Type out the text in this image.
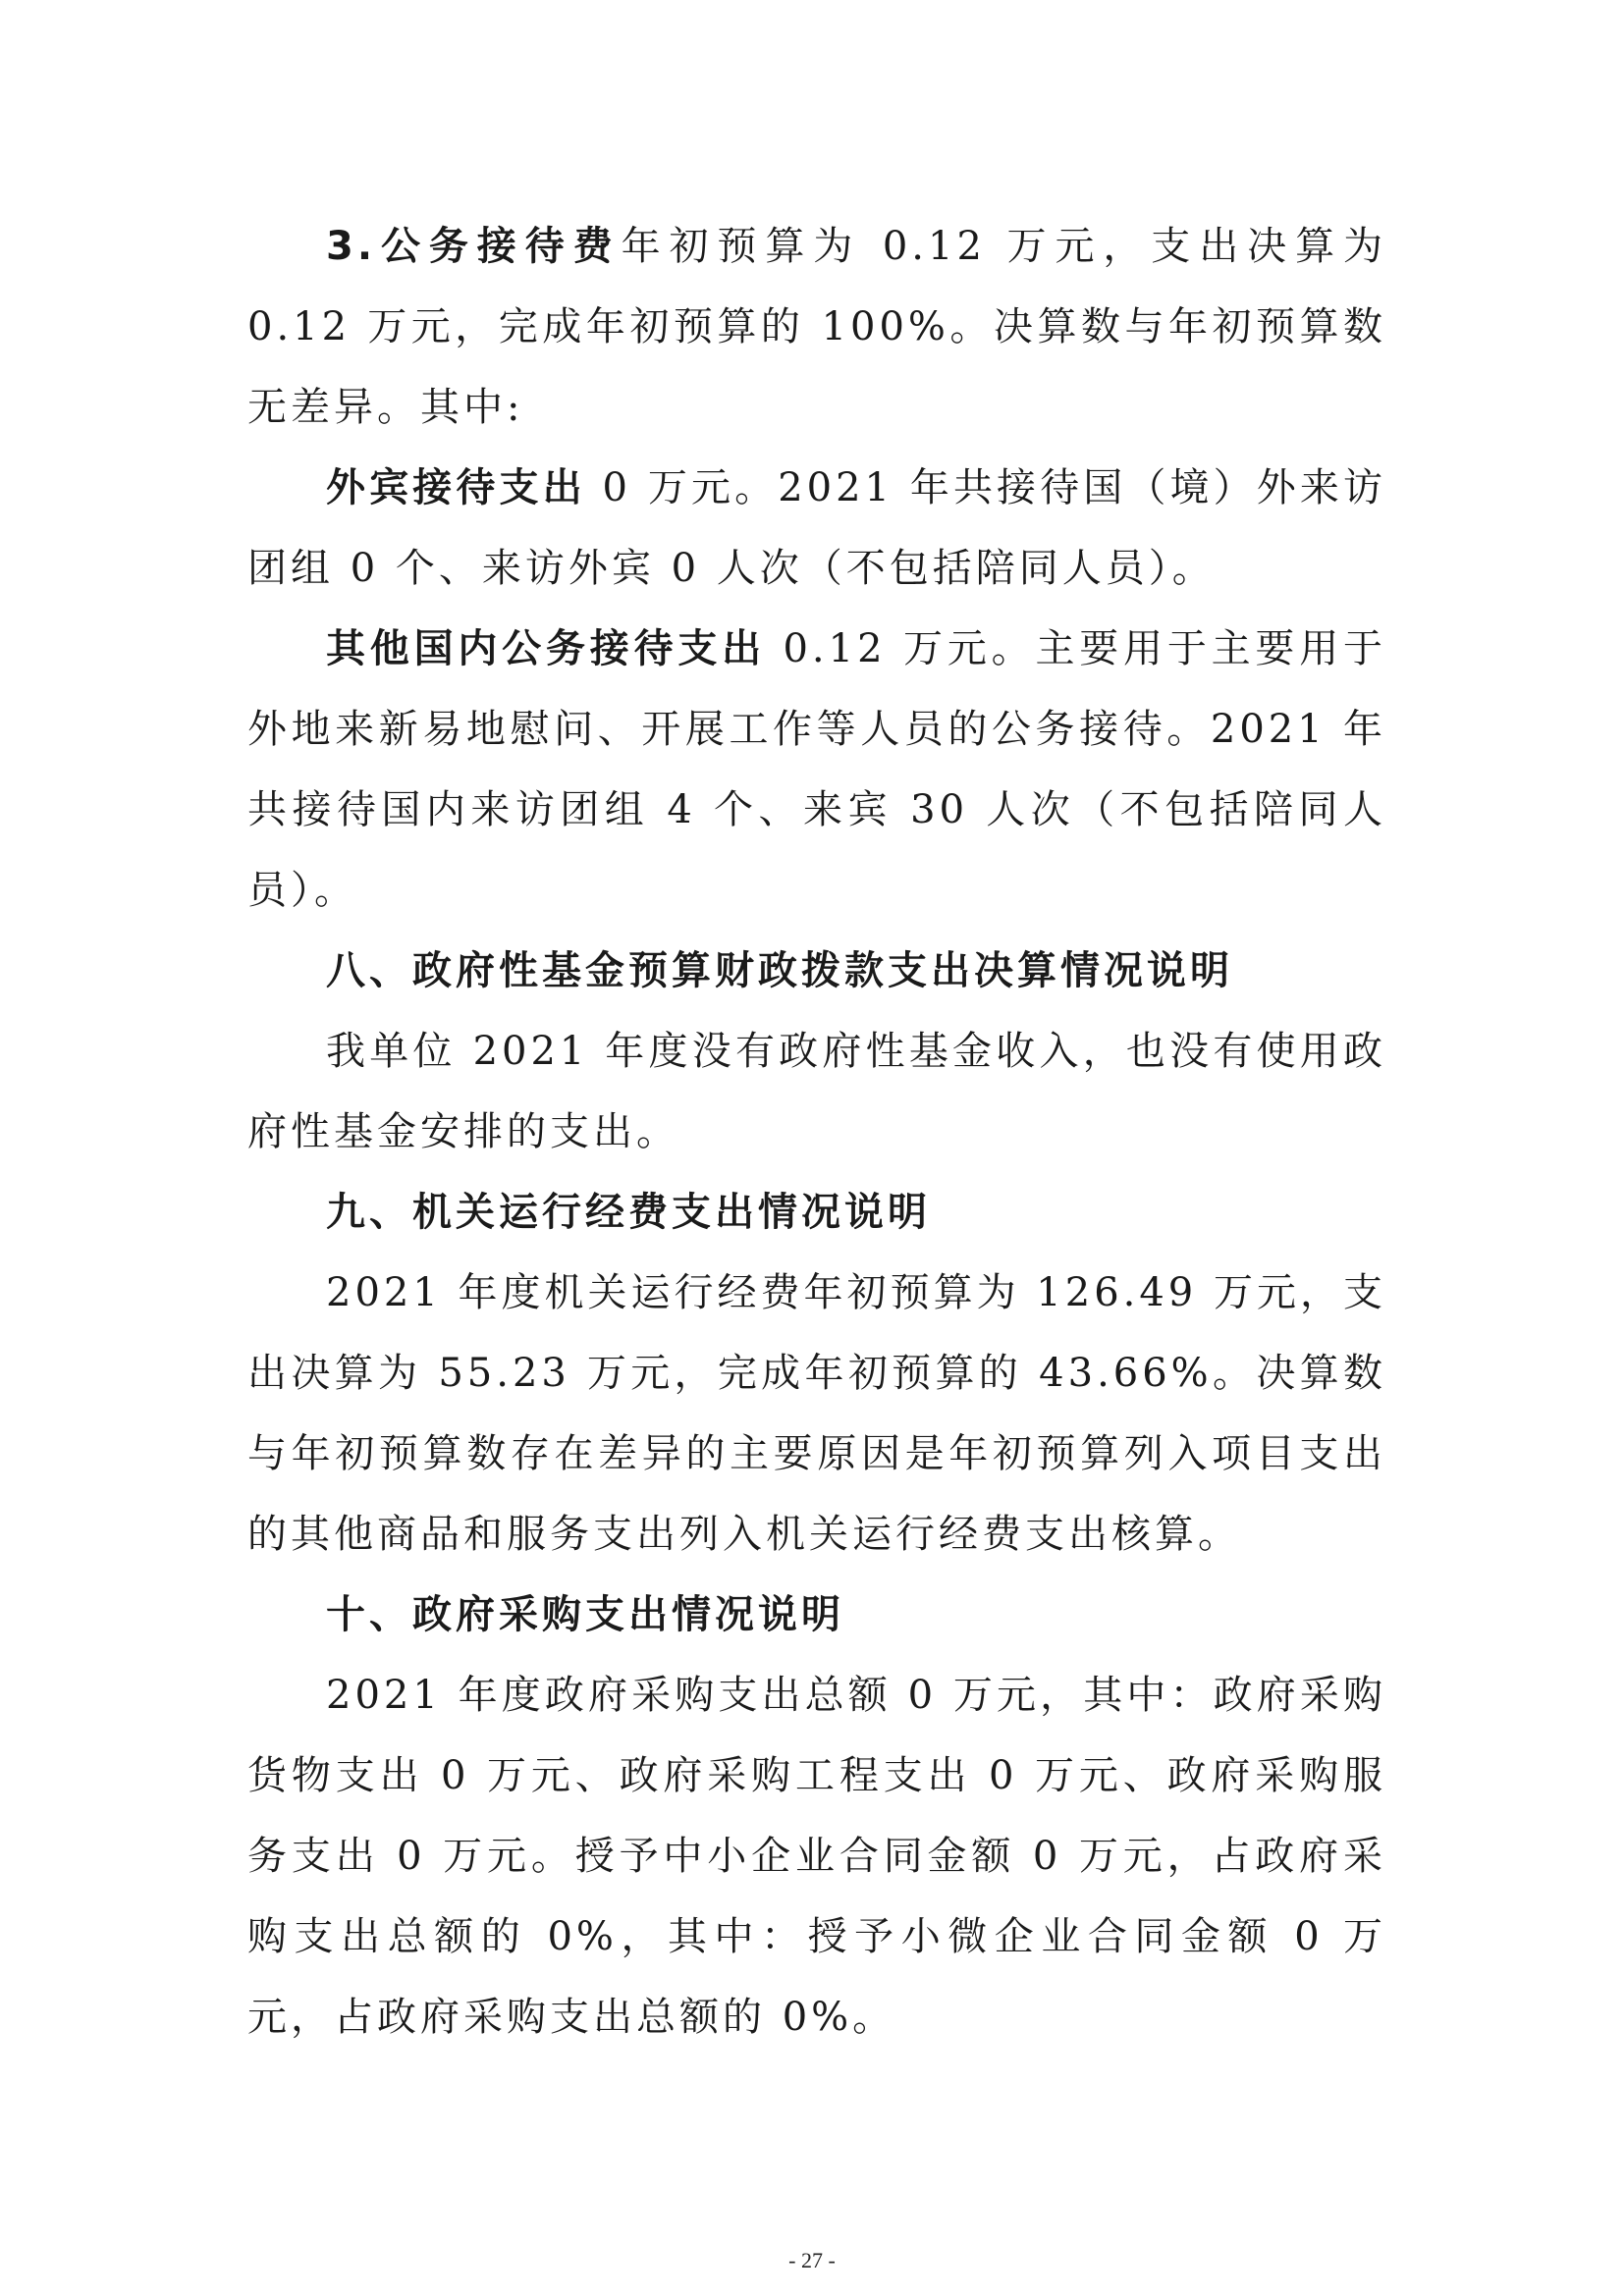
3.公务接待费年初预算为 0.12 万元，支出决算为 0.12 万元，完成年初预算的 100%。决算数与年初预算数无差异。其中:

外宾接待支出 0 万元。2021 年共接待国（境）外来访团组 0 个、来访外宾 0 人次（不包括陪同人员）。

其他国内公务接待支出 0.12 万元。主要用于主要用于外地来新易地慰问、开展工作等人员的公务接待。2021 年共接待国内来访团组 4 个、来宾 30 人次（不包括陪同人员）。

八、政府性基金预算财政拨款支出决算情况说明

我单位 2021 年度没有政府性基金收入，也没有使用政府性基金安排的支出。

九、机关运行经费支出情况说明

2021 年度机关运行经费年初预算为 126.49 万元，支出决算为 55.23 万元，完成年初预算的 43.66%。决算数与年初预算数存在差异的主要原因是年初预算列入项目支出的其他商品和服务支出列入机关运行经费支出核算。

十、政府采购支出情况说明

2021 年度政府采购支出总额 0 万元，其中：政府采购货物支出 0 万元、政府采购工程支出 0 万元、政府采购服务支出 0 万元。授予中小企业合同金额 0 万元，占政府采购支出总额的 0%，其中：授予小微企业合同金额 0 万元，占政府采购支出总额的 0%。

- 27 -
